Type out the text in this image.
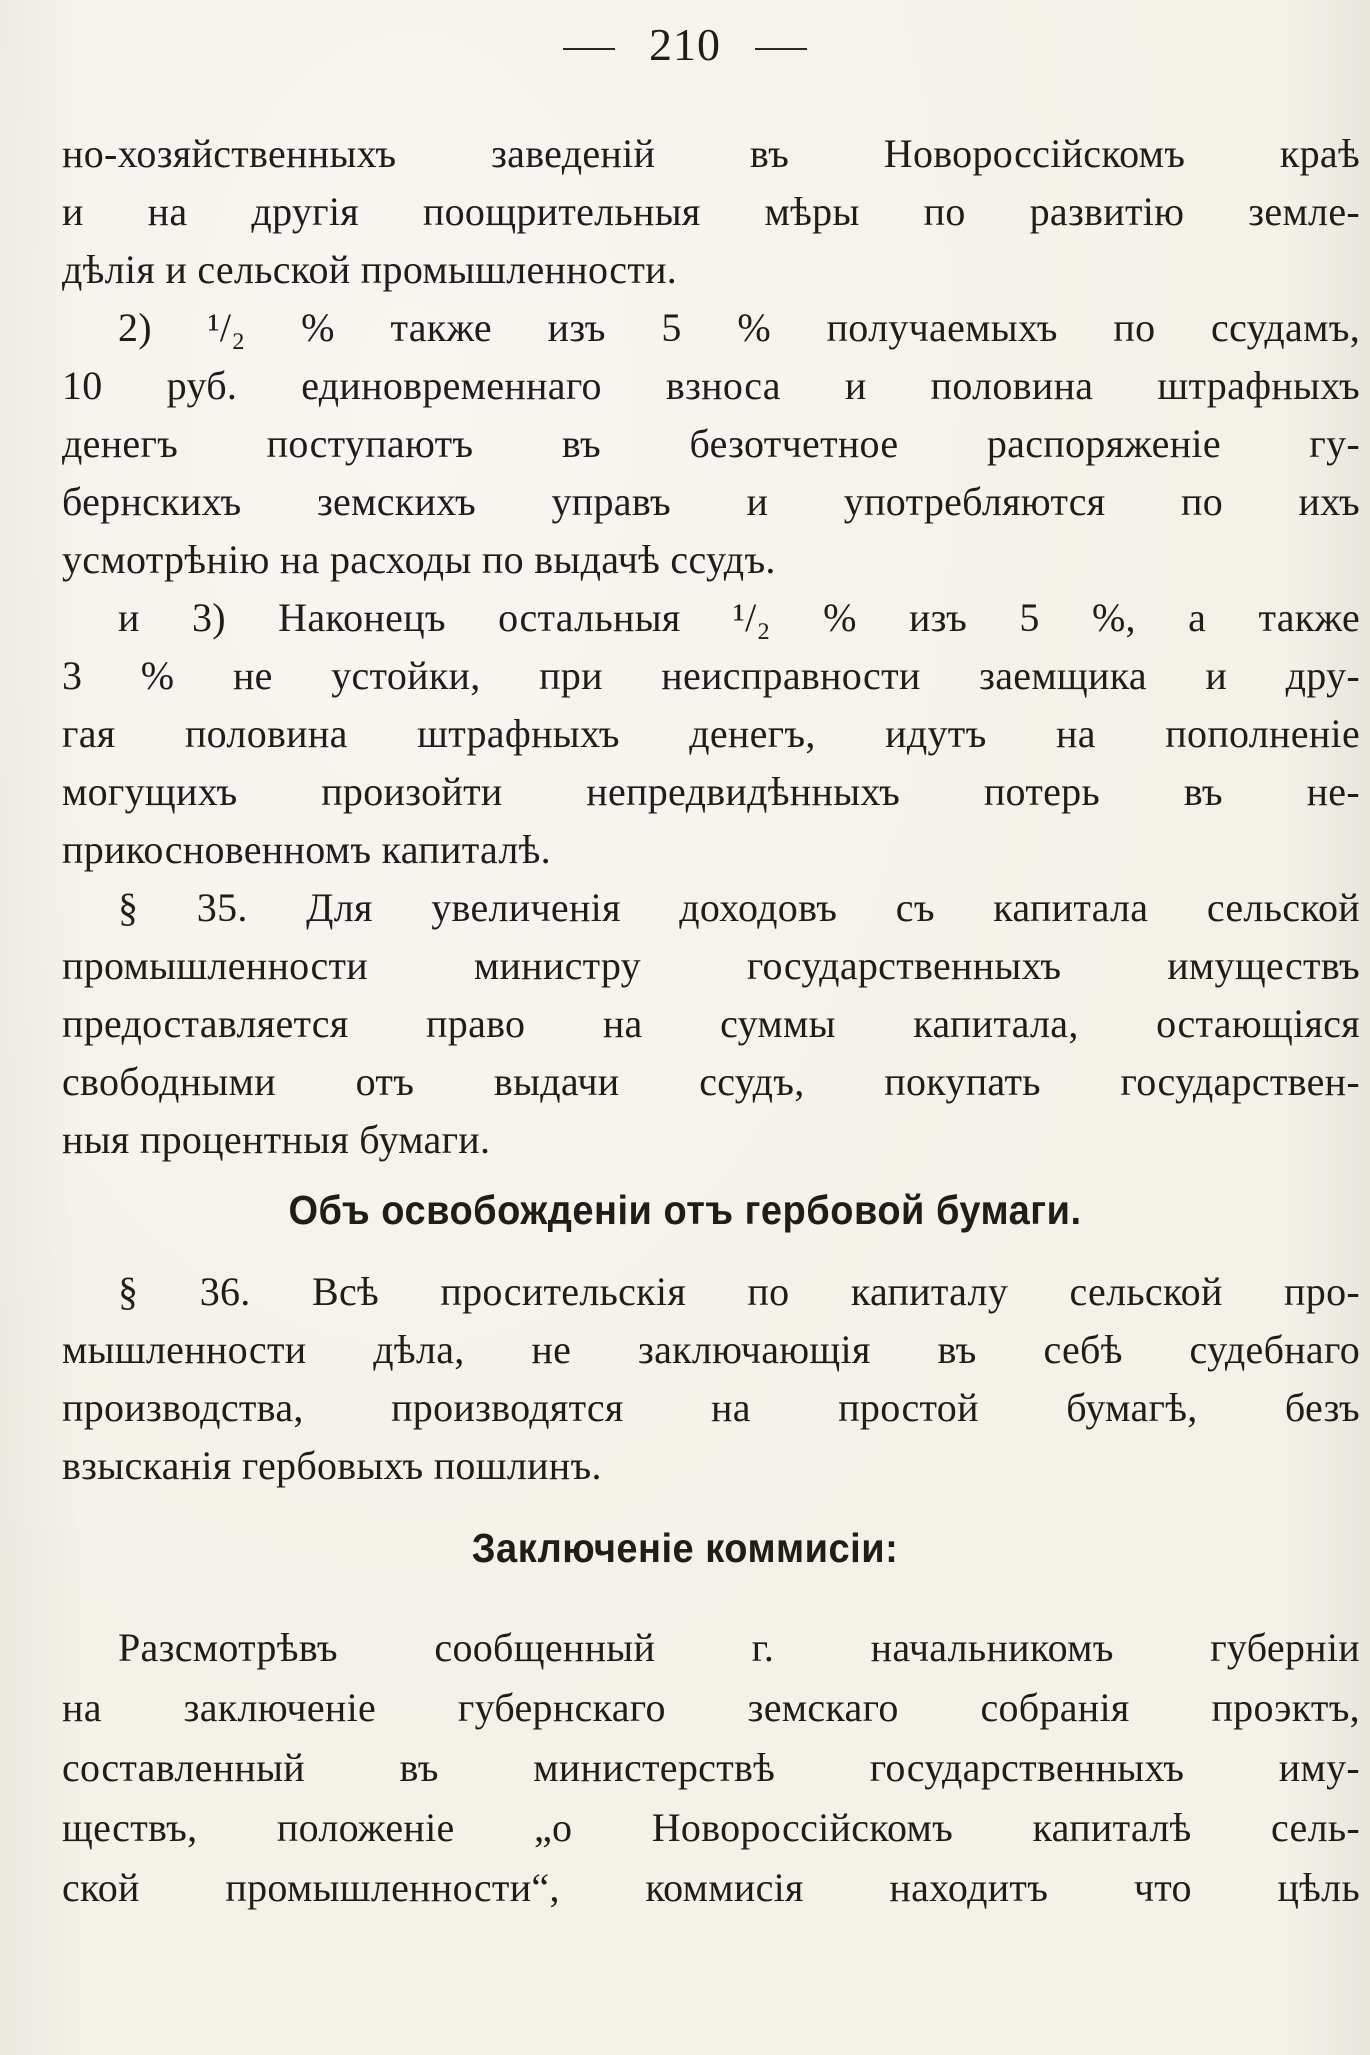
210
но-хозяйственныхъ заведенiй въ Новороссiйскомъ краѣ
и на другiя поощрительныя мѣры по развитiю земле-
дѣлiя и сельской промышленности.
2) ¹/₂ % также изъ 5 % получаемыхъ по ссудамъ,
10 руб. единовременнаго взноса и половина штрафныхъ
денегъ поступаютъ въ безотчетное распоряженiе гу-
бернскихъ земскихъ управъ и употребляются по ихъ
усмотрѣнiю на расходы по выдачѣ ссудъ.
и 3) Наконецъ остальныя ¹/₂ % изъ 5 %, а также
3 % не устойки, при неисправности заемщика и дру-
гая половина штрафныхъ денегъ, идутъ на пополненiе
могущихъ произойти непредвидѣнныхъ потерь въ не-
прикосновенномъ капиталѣ.
§ 35. Для увеличенiя доходовъ съ капитала сельской
промышленности министру государственныхъ имуществъ
предоставляется право на суммы капитала, остающiяся
свободными отъ выдачи ссудъ, покупать государствен-
ныя процентныя бумаги.
Объ освобожденiи отъ гербовой бумаги.
§ 36. Всѣ просительскiя по капиталу сельской про-
мышленности дѣла, не заключающiя въ себѣ судебнаго
производства, производятся на простой бумагѣ, безъ
взысканiя гербовыхъ пошлинъ.
Заключенiе коммисiи:
Разсмотрѣвъ сообщенный г. начальникомъ губернiи
на заключенiе губернскаго земскаго собранiя проэктъ,
составленный въ министерствѣ государственныхъ иму-
ществъ, положенiе „о Новороссiйскомъ капиталѣ сель-
ской промышленности“, коммисiя находитъ что цѣль
